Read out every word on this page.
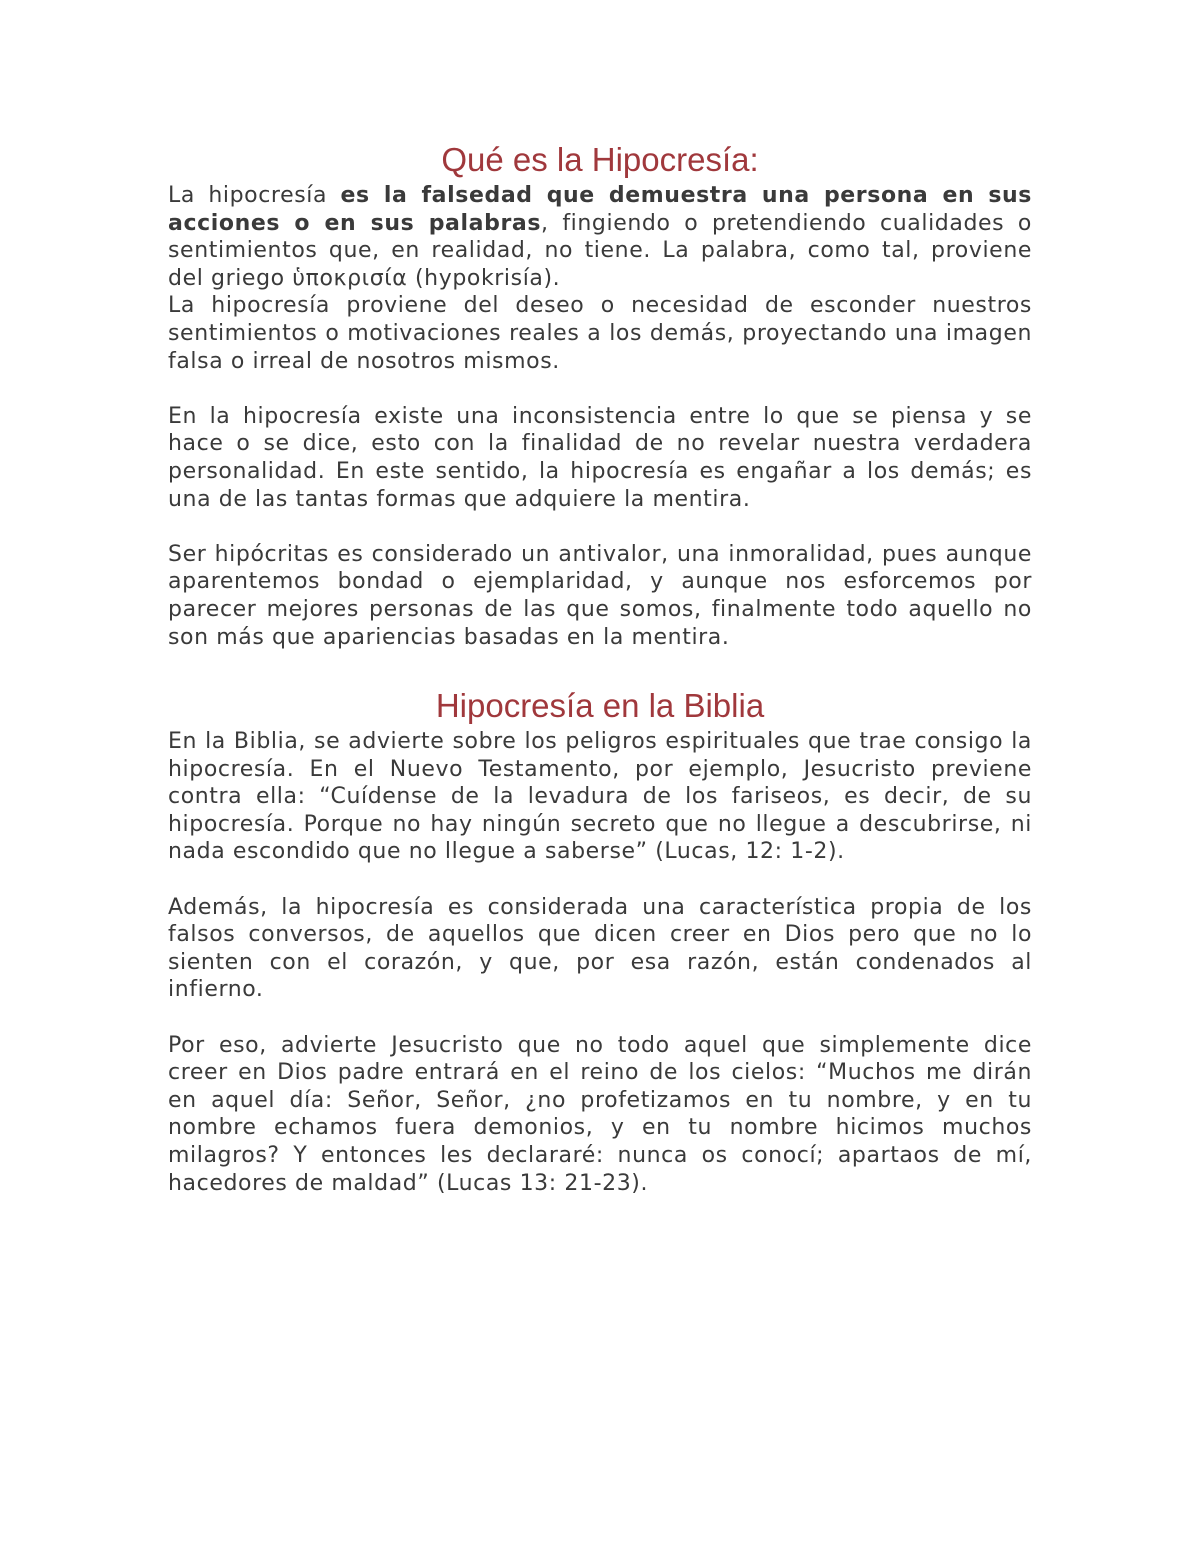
Qué es la Hipocresía:

La hipocresía es la falsedad que demuestra una persona en sus acciones o en sus palabras, fingiendo o pretendiendo cualidades o sentimientos que, en realidad, no tiene. La palabra, como tal, proviene del griego ὑποκρισία (hypokrisía).

La hipocresía proviene del deseo o necesidad de esconder nuestros sentimientos o motivaciones reales a los demás, proyectando una imagen falsa o irreal de nosotros mismos.

En la hipocresía existe una inconsistencia entre lo que se piensa y se hace o se dice, esto con la finalidad de no revelar nuestra verdadera personalidad. En este sentido, la hipocresía es engañar a los demás; es una de las tantas formas que adquiere la mentira.

Ser hipócritas es considerado un antivalor, una inmoralidad, pues aunque aparentemos bondad o ejemplaridad, y aunque nos esforcemos por parecer mejores personas de las que somos, finalmente todo aquello no son más que apariencias basadas en la mentira.

Hipocresía en la Biblia

En la Biblia, se advierte sobre los peligros espirituales que trae consigo la hipocresía. En el Nuevo Testamento, por ejemplo, Jesucristo previene contra ella: “Cuídense de la levadura de los fariseos, es decir, de su hipocresía. Porque no hay ningún secreto que no llegue a descubrirse, ni nada escondido que no llegue a saberse” (Lucas, 12: 1-2).

Además, la hipocresía es considerada una característica propia de los falsos conversos, de aquellos que dicen creer en Dios pero que no lo sienten con el corazón, y que, por esa razón, están condenados al infierno.

Por eso, advierte Jesucristo que no todo aquel que simplemente dice creer en Dios padre entrará en el reino de los cielos: “Muchos me dirán en aquel día: Señor, Señor, ¿no profetizamos en tu nombre, y en tu nombre echamos fuera demonios, y en tu nombre hicimos muchos milagros? Y entonces les declararé: nunca os conocí; apartaos de mí, hacedores de maldad” (Lucas 13: 21-23).
